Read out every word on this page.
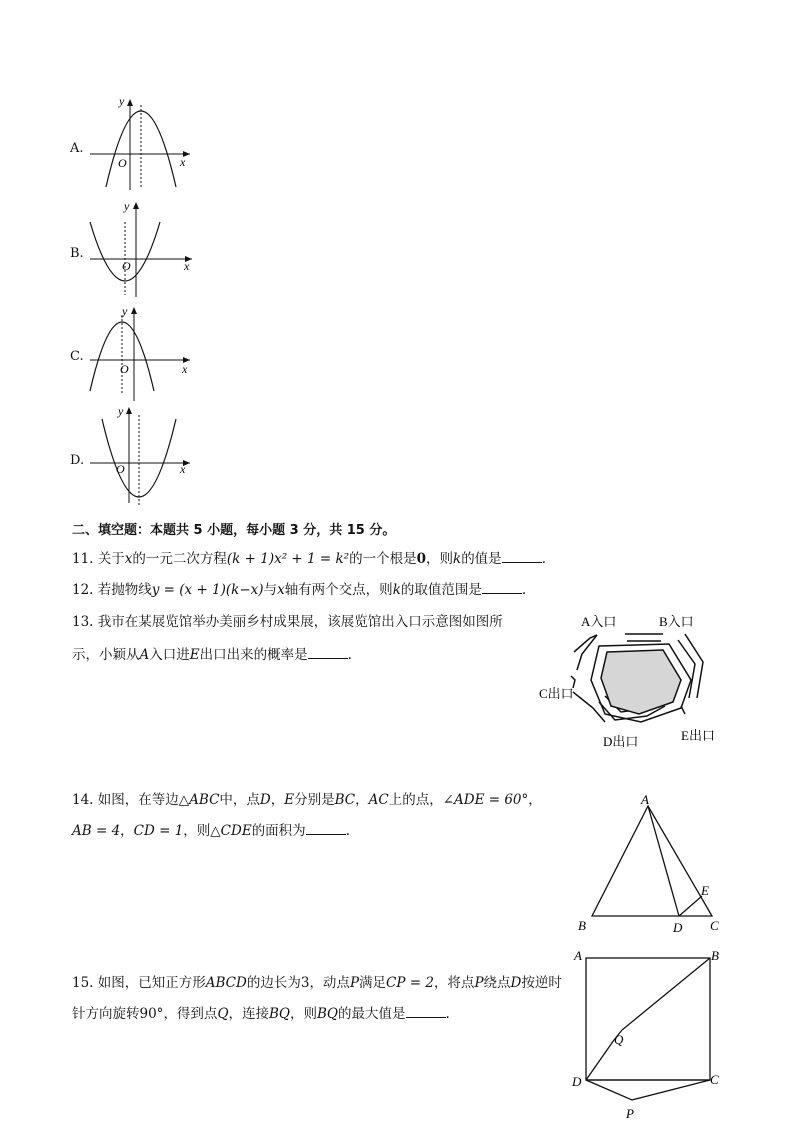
A.
y
x
O
B.
y
x
O
C.
y
x
O
D.
y
x
O
二、填空题：本题共 5 小题，每小题 3 分，共 15 分。
11. 关于x的一元二次方程(k + 1)x² + 1 = k²的一个根是0，则k的值是	.
12. 若抛物线y = (x + 1)(k−x)与x轴有两个交点，则k的取值范围是	.
13. 我市在某展览馆举办美丽乡村成果展，该展览馆出入口示意图如图所
示，小颖从A入口进E出口出来的概率是	.
A入口	B入口
C出口
D出口	E出口
14. 如图，在等边△ABC中，点D，E分别是BC，AC上的点，∠ADE = 60°，
AB = 4，CD = 1，则△CDE的面积为	.
A
B	C
D
E
15. 如图，已知正方形ABCD的边长为3，动点P满足CP = 2，将点P绕点D按逆时
针方向旋转90°，得到点Q，连接BQ，则BQ的最大值是	.
A	B
C
D
P
Q
